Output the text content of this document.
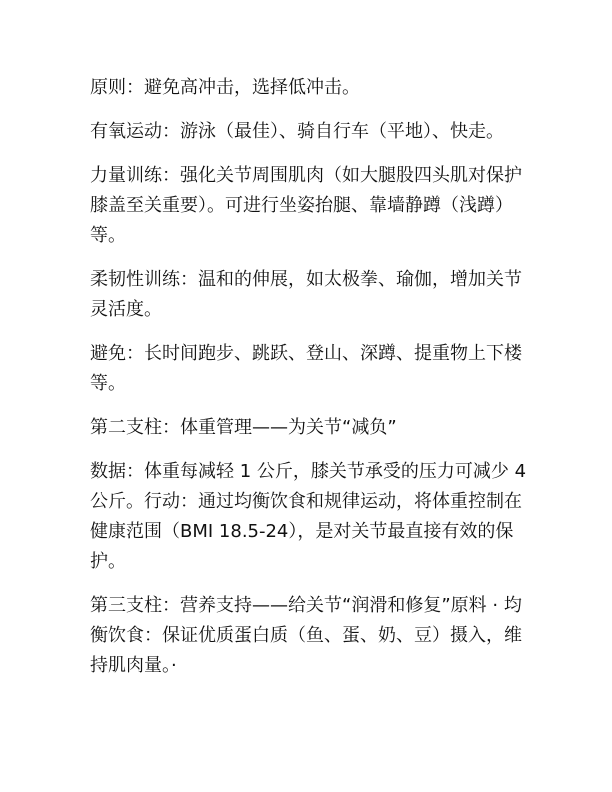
原则：避免高冲击，选择低冲击。

有氧运动：游泳（最佳）、骑自行车（平地）、快走。

力量训练：强化关节周围肌肉（如大腿股四头肌对保护膝盖至关重要）。可进行坐姿抬腿、靠墙静蹲（浅蹲）等。

柔韧性训练：温和的伸展，如太极拳、瑜伽，增加关节灵活度。

避免：长时间跑步、跳跃、登山、深蹲、提重物上下楼等。

第二支柱：体重管理——为关节“减负”

数据：体重每减轻 1 公斤，膝关节承受的压力可减少 4 公斤。行动：通过均衡饮食和规律运动，将体重控制在健康范围（BMI 18.5-24），是对关节最直接有效的保护。

第三支柱：营养支持——给关节“润滑和修复”原料 · 均衡饮食：保证优质蛋白质（鱼、蛋、奶、豆）摄入，维持肌肉量。·
